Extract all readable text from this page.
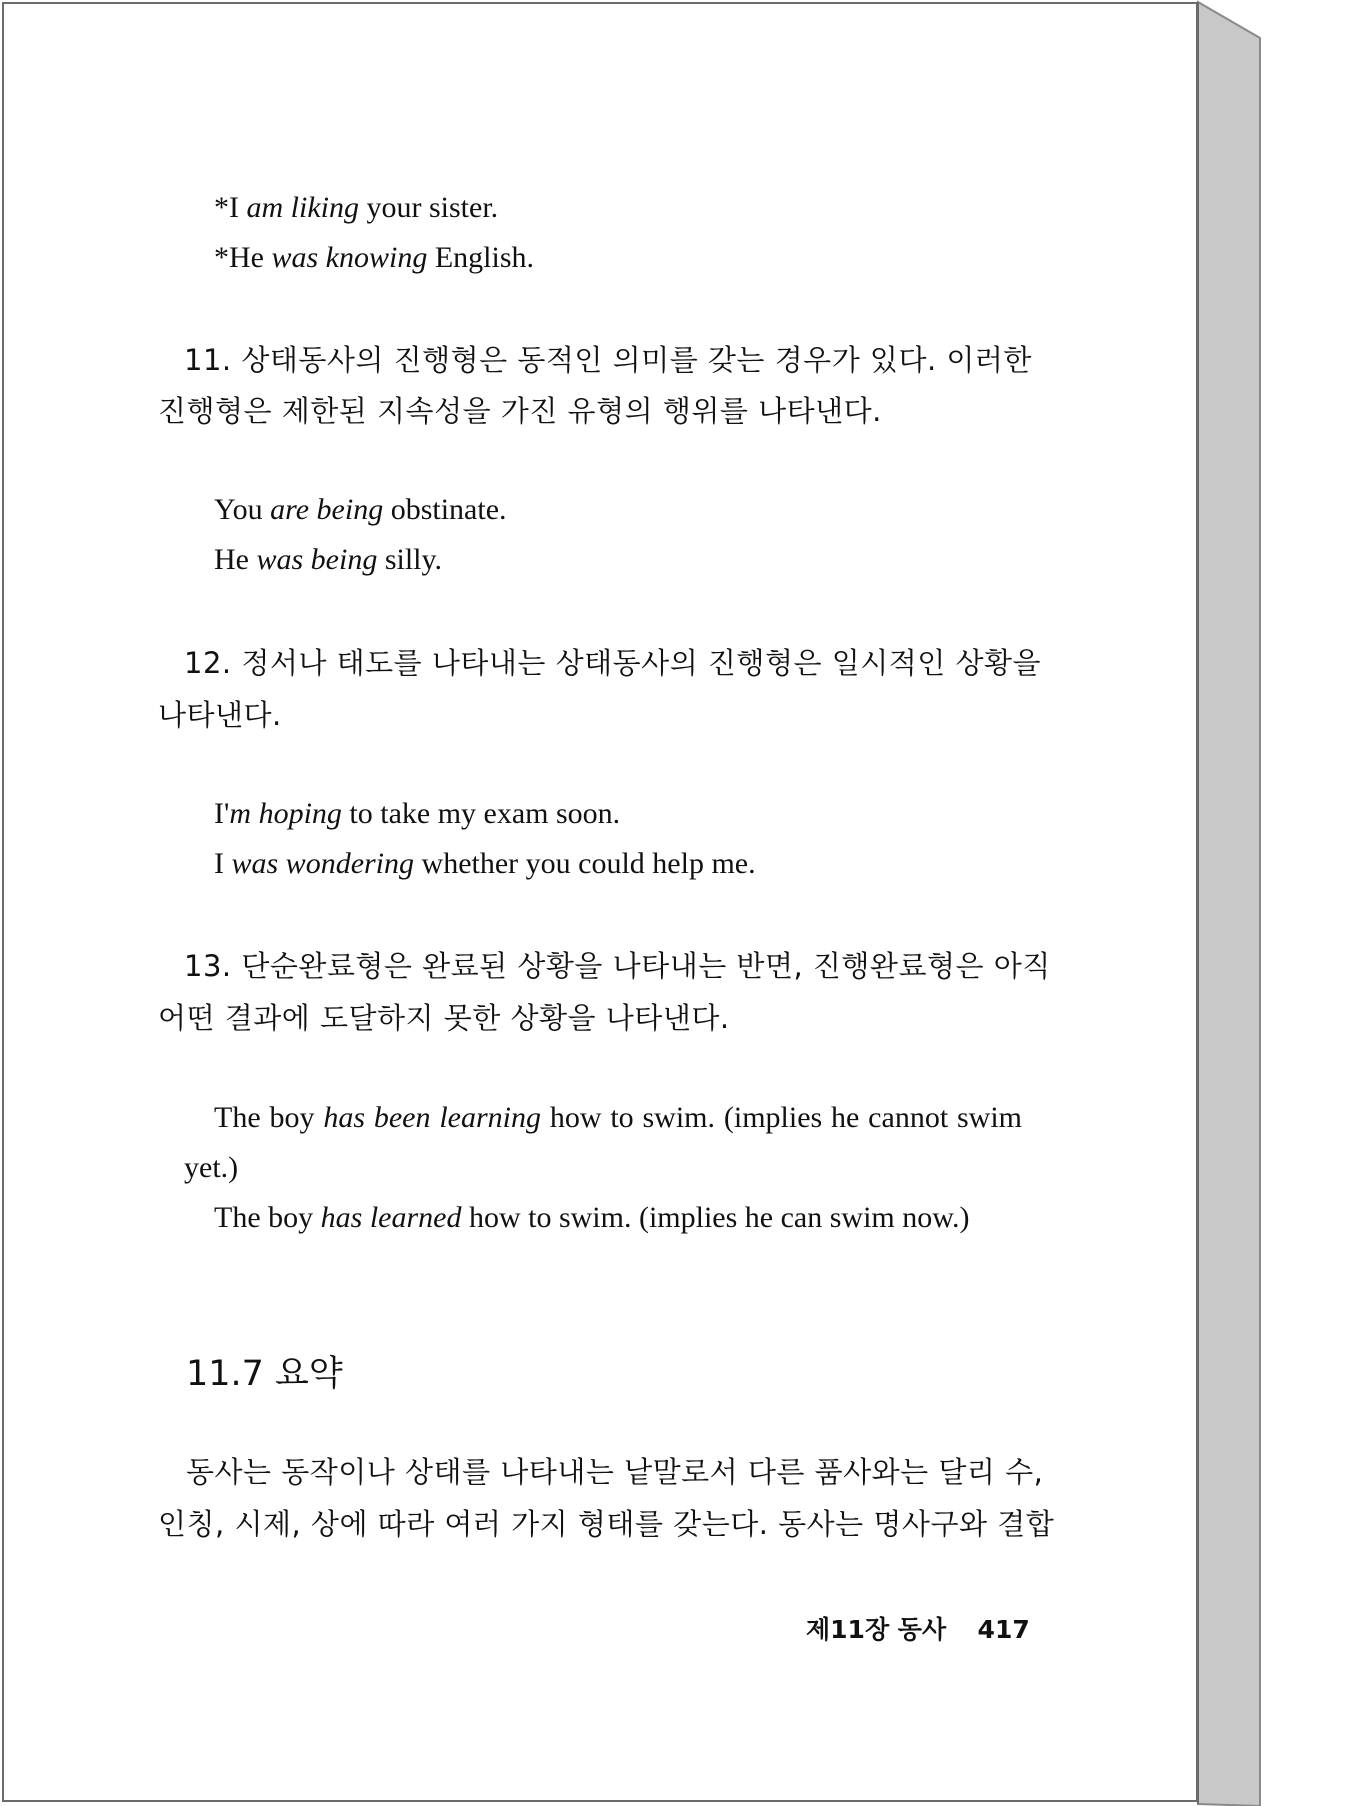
*I am liking your sister.
*He was knowing English.
11. 상태동사의 진행형은 동적인 의미를 갖는 경우가 있다. 이러한
진행형은 제한된 지속성을 가진 유형의 행위를 나타낸다.
You are being obstinate.
He was being silly.
12. 정서나 태도를 나타내는 상태동사의 진행형은 일시적인 상황을
나타낸다.
I'm hoping to take my exam soon.
I was wondering whether you could help me.
13. 단순완료형은 완료된 상황을 나타내는 반면, 진행완료형은 아직
어떤 결과에 도달하지 못한 상황을 나타낸다.
The boy has been learning how to swim. (implies he cannot swim
yet.)
The boy has learned how to swim. (implies he can swim now.)
11.7 요약
동사는 동작이나 상태를 나타내는 낱말로서 다른 품사와는 달리 수,
인칭, 시제, 상에 따라 여러 가지 형태를 갖는다. 동사는 명사구와 결합
제11장 동사 417
